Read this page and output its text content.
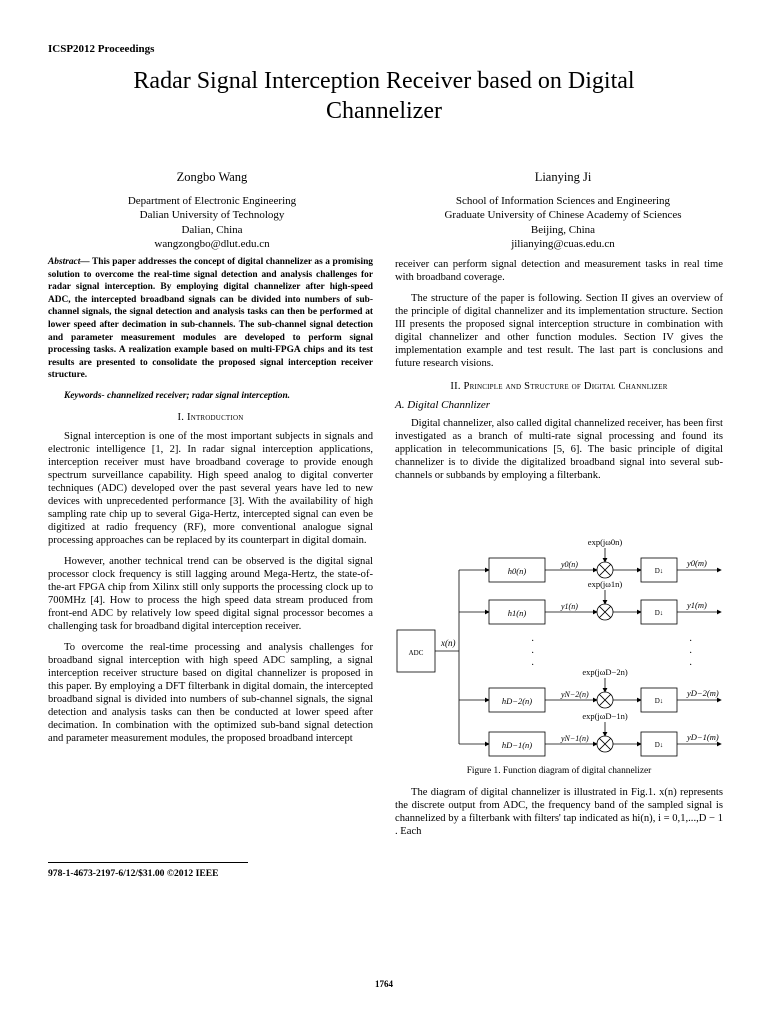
ICSP2012 Proceedings
Radar Signal Interception Receiver based on Digital
Channelizer
Zongbo Wang
Department of Electronic Engineering
Dalian University of Technology
Dalian, China
wangzongbo@dlut.edu.cn
Lianying Ji
School of Information Sciences and Engineering
Graduate University of Chinese Academy of Sciences
Beijing, China
jilianying@cuas.edu.cn

Abstract— This paper addresses the concept of digital channelizer as a promising solution to overcome the real-time signal detection and analysis challenges for radar signal interception. By employing digital channelizer after high-speed ADC, the intercepted broadband signals can be divided into numbers of sub-channel signals, the signal detection and analysis tasks can then be performed at lower speed after decimation in sub-channels. The sub-channel signal detection and parameter measurement modules are developed to perform signal processing tasks. A realization example based on multi-FPGA chips and its test results are presented to consolidate the proposed signal interception receiver structure.

Keywords- channelized receiver; radar signal interception.

I. Introduction

Signal interception is one of the most important subjects in signals and electronic intelligence [1, 2]. In radar signal interception applications, interception receiver must have broadband coverage to provide enough spectrum surveillance capability. High speed analog to digital converter techniques (ADC) developed over the past several years have led to new devices with unprecedented performance [3]. With the availability of high sampling rate chip up to several Giga-Hertz, intercepted signal can even be digitized at radio frequency (RF), more conventional analogue signal processing approaches can be replaced by its counterpart in digital domain.

However, another technical trend can be observed is the digital signal processor clock frequency is still lagging around Mega-Hertz, the state-of-the-art FPGA chip from Xilinx still only supports the processing clock up to 700MHz [4]. How to process the high speed data stream produced from front-end ADC by relatively low speed digital signal processor becomes a challenging task for broadband digital interception receiver.

To overcome the real-time processing and analysis challenges for broadband signal interception with high speed ADC sampling, a signal interception receiver structure based on digital channelizer is proposed in this paper. By employing a DFT filterbank in digital domain, the intercepted broadband signal is divided into numbers of sub-channel signals, the signal detection and analysis tasks can then be conducted at lower speed after decimation. In combination with the optimized sub-band signal detection and parameter measurement modules, the proposed broadband intercept

receiver can perform signal detection and measurement tasks in real time with broadband coverage.

The structure of the paper is following. Section II gives an overview of the principle of digital channelizer and its implementation structure. Section III presents the proposed signal interception structure in combination with digital channelizer and other function modules. Section IV gives the implementation example and test result. The last part is conclusions and future research visions.

II. Principle and Structure of Digital Channlizer
A. Digital Channlizer

Digital channelizer, also called digital channelized receiver, has been first investigated as a branch of multi-rate signal processing and found its application in telecommunications [5, 6]. The basic principle of digital channelizer is to divide the digitalized broadband signal into several sub-channels or subbands by employing a filterbank.

ADC
x(n)
h0(n)
y0(n)
exp(jω0n)
D↓
y0(m)
h1(n)
y1(n)
exp(jω1n)
D↓
y1(m)
hD−2(n)
yN−2(n)
exp(jωD−2n)
D↓
yD−2(m)
hD−1(n)
yN−1(n)
exp(jωD−1n)
D↓
yD−1(m)
·
·
·
·
·
·
Figure 1. Function diagram of digital channelizer

The diagram of digital channelizer is illustrated in Fig.1. x(n) represents the discrete output from ADC, the frequency band of the sampled signal is channelized by a filterbank with filters' tap indicated as hi(n), i = 0,1,...,D − 1 . Each

978-1-4673-2197-6/12/$31.00 ©2012 IEEE
1764
